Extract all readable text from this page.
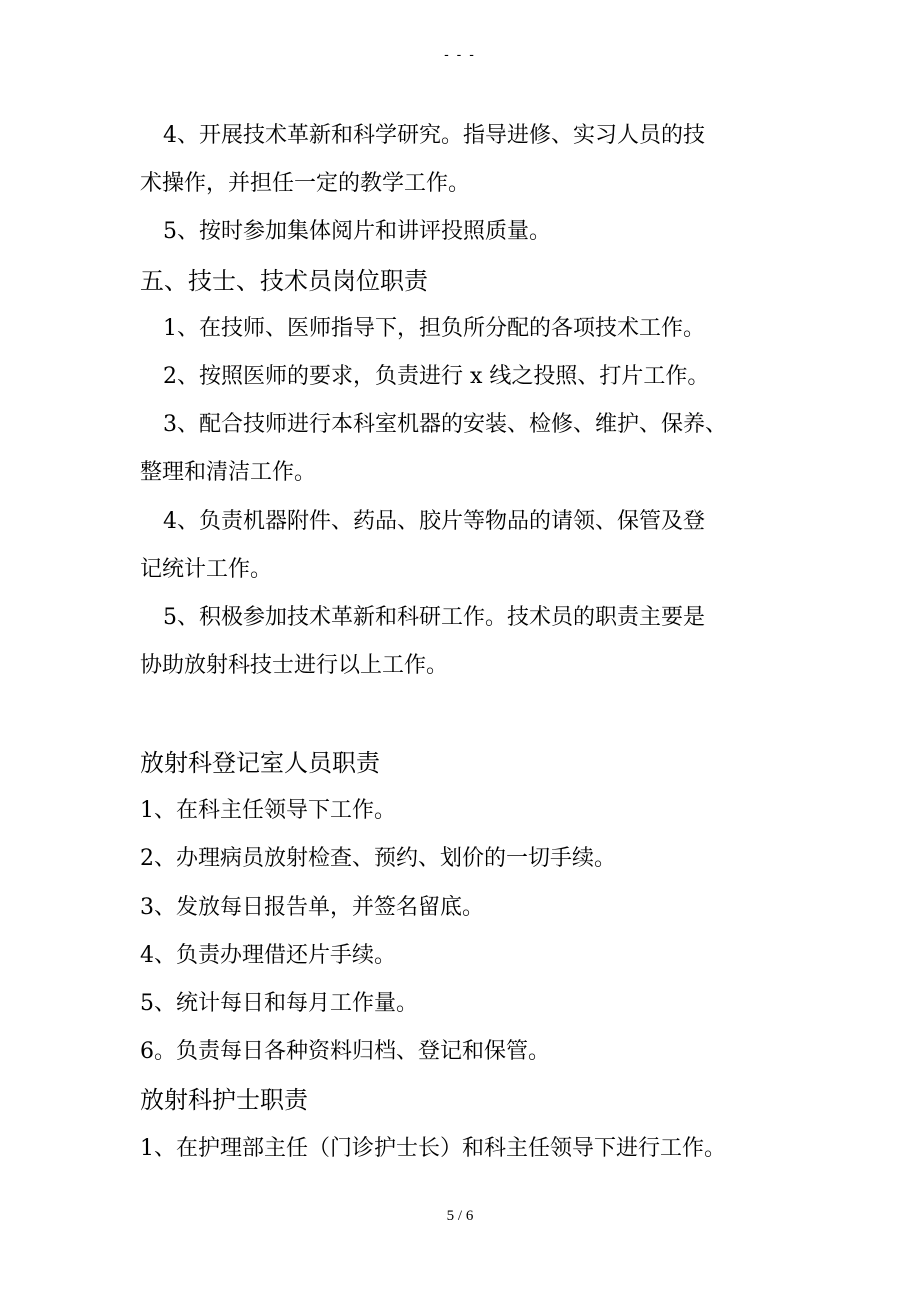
- - -
4、开展技术革新和科学研究。指导进修、实习人员的技
术操作，并担任一定的教学工作。
5、按时参加集体阅片和讲评投照质量。
五、技士、技术员岗位职责
1、在技师、医师指导下，担负所分配的各项技术工作。
2、按照医师的要求，负责进行 x 线之投照、打片工作。
3、配合技师进行本科室机器的安装、检修、维护、保养、
整理和清洁工作。
4、负责机器附件、药品、胶片等物品的请领、保管及登
记统计工作。
5、积极参加技术革新和科研工作。技术员的职责主要是
协助放射科技士进行以上工作。
放射科登记室人员职责
1、在科主任领导下工作。
2、办理病员放射检查、预约、划价的一切手续。
3、发放每日报告单，并签名留底。
4、负责办理借还片手续。
5、统计每日和每月工作量。
6。负责每日各种资料归档、登记和保管。
放射科护士职责
1、在护理部主任（门诊护士长）和科主任领导下进行工作。
5 / 6
